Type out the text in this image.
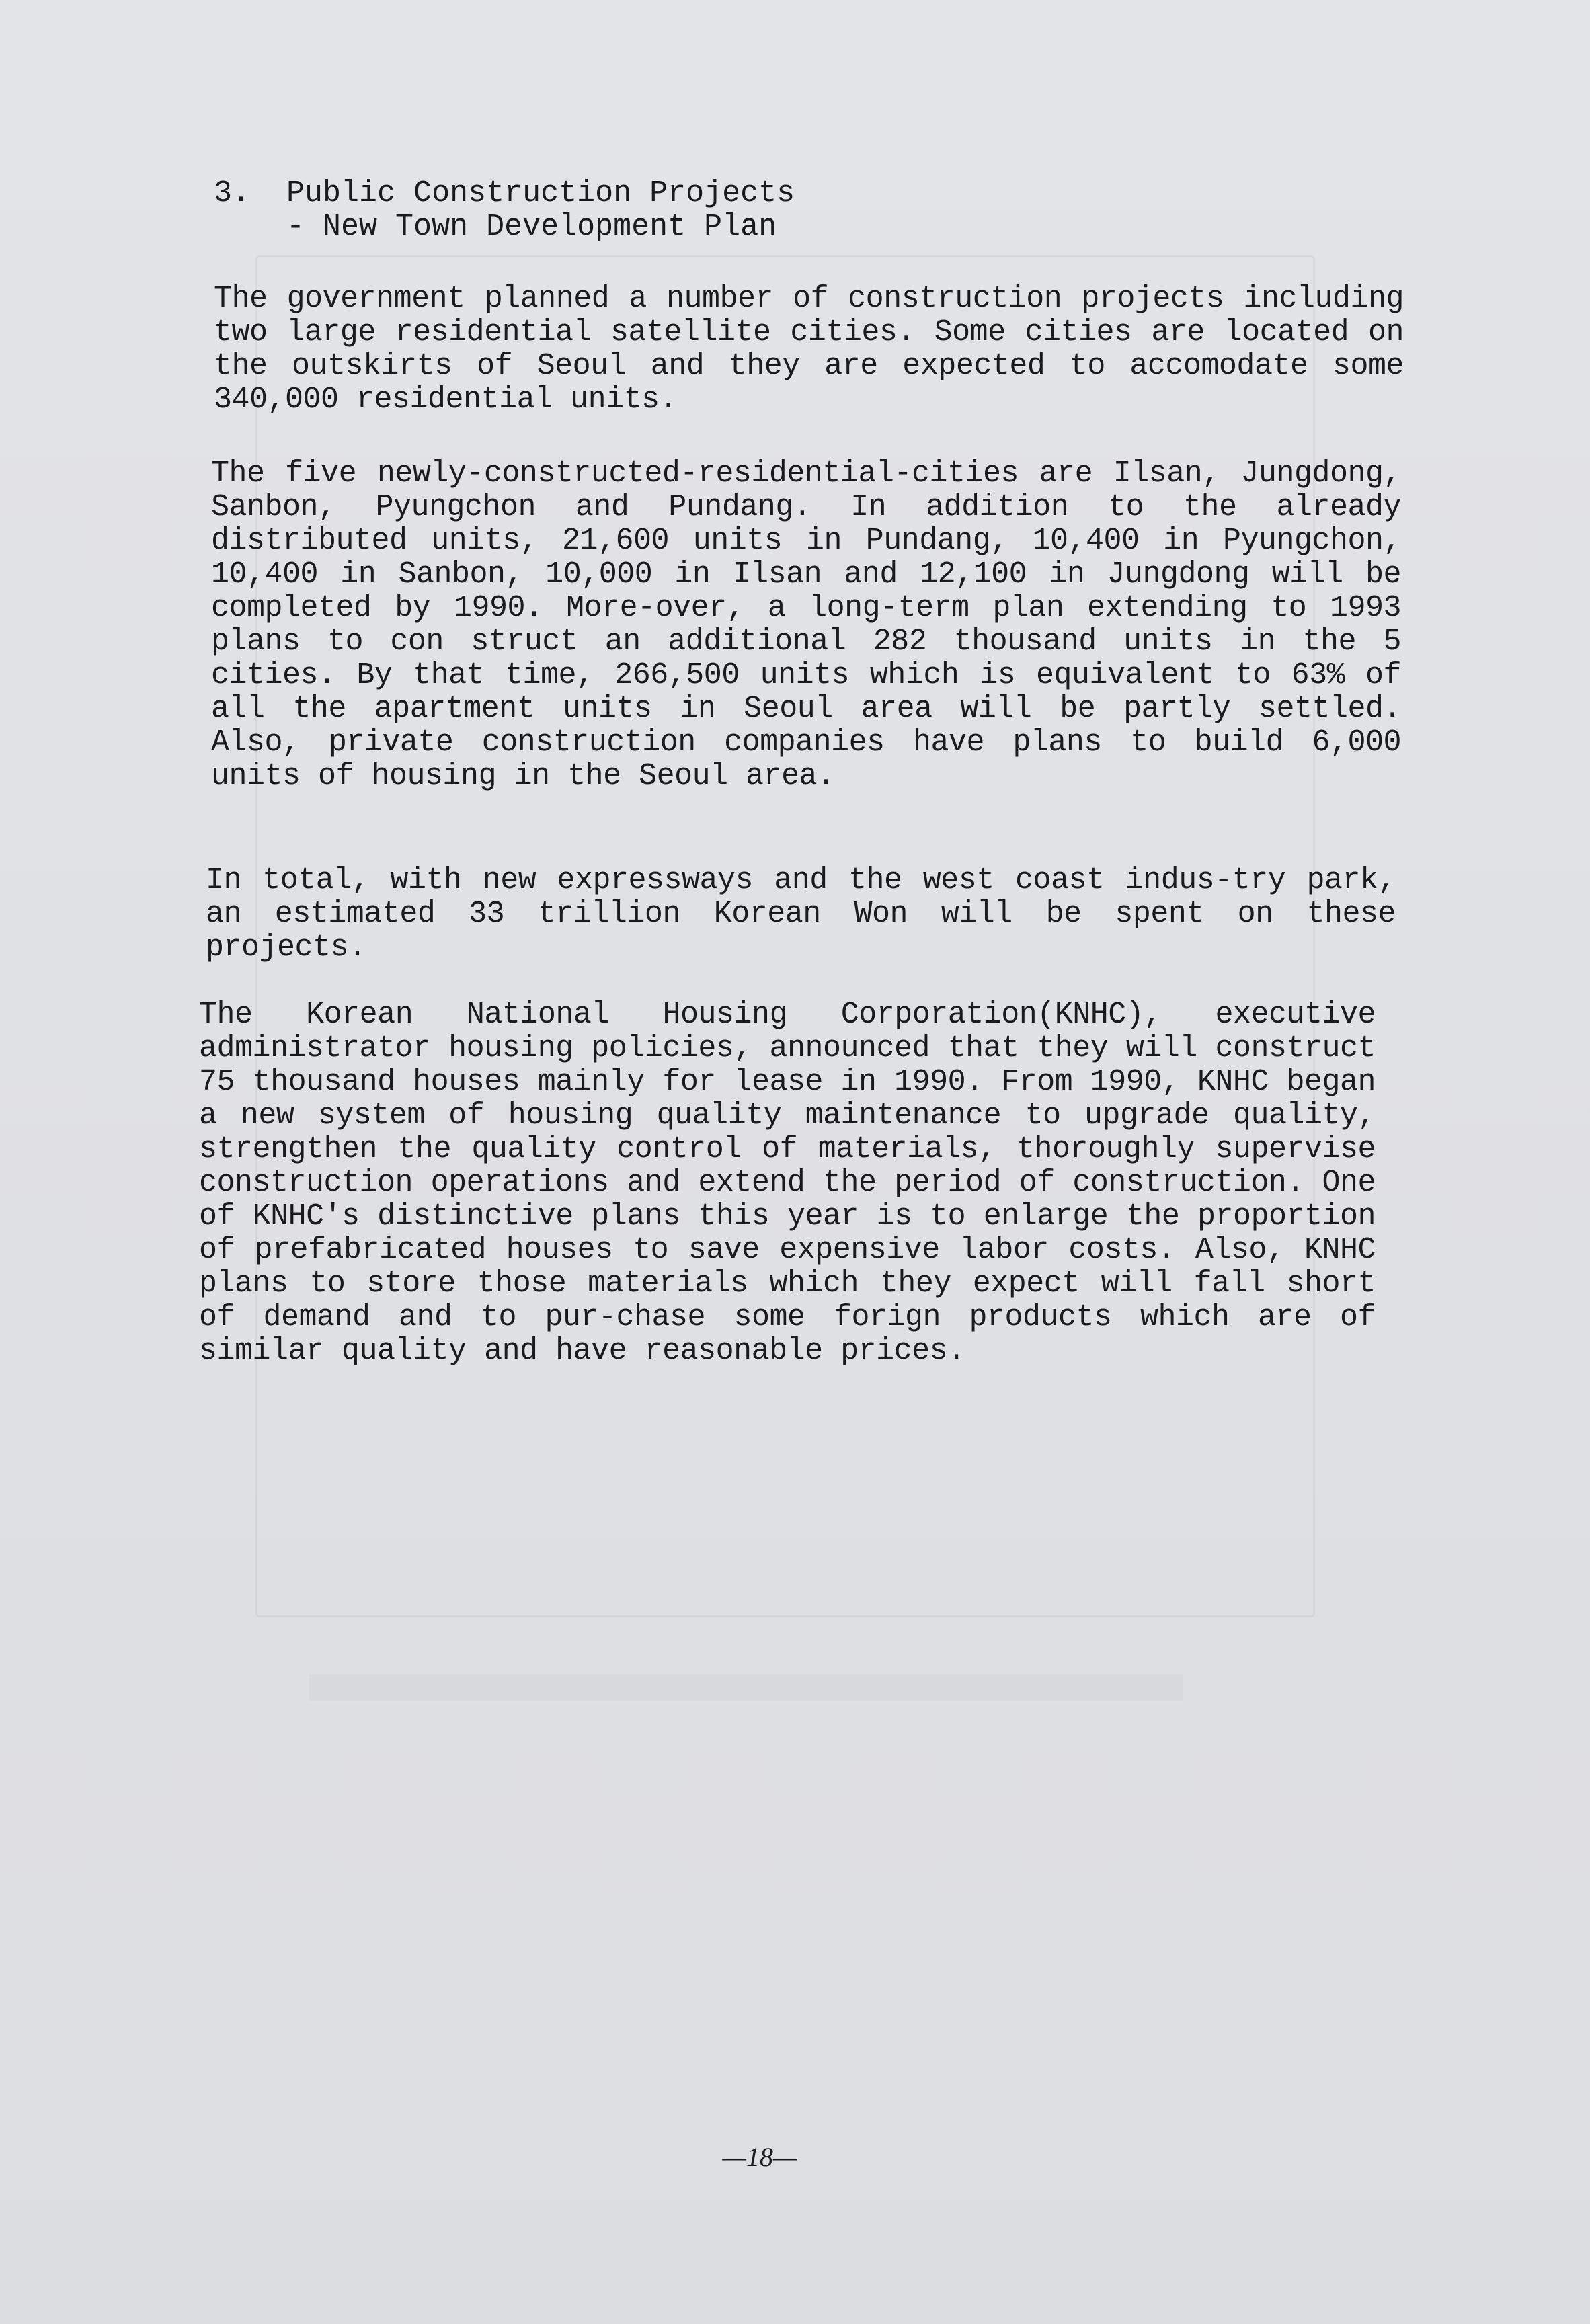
3. Public Construction Projects
- New Town Development Plan
The government planned a number of construction projects including two large residential satellite cities. Some cities are located on the outskirts of Seoul and they are expected to accomodate some 340,000 residential units.
The five newly-constructed-residential-cities are Ilsan, Jungdong, Sanbon, Pyungchon and Pundang. In addition to the already distributed units, 21,600 units in Pundang, 10,400 in Pyungchon, 10,400 in Sanbon, 10,000 in Ilsan and 12,100 in Jungdong will be completed by 1990. More-over, a long-term plan extending to 1993 plans to con struct an additional 282 thousand units in the 5 cities. By that time, 266,500 units which is equivalent to 63% of all the apartment units in Seoul area will be partly settled. Also, private construction companies have plans to build 6,000 units of housing in the Seoul area.
In total, with new expressways and the west coast indus-try park, an estimated 33 trillion Korean Won will be spent on these projects.
The Korean National Housing Corporation(KNHC), executive administrator housing policies, announced that they will construct 75 thousand houses mainly for lease in 1990. From 1990, KNHC began a new system of housing quality maintenance to upgrade quality, strengthen the quality control of materials, thoroughly supervise construction operations and extend the period of construction. One of KNHC's distinctive plans this year is to enlarge the proportion of prefabricated houses to save expensive labor costs. Also, KNHC plans to store those materials which they expect will fall short of demand and to pur-chase some forign products which are of similar quality and have reasonable prices.
—18—
